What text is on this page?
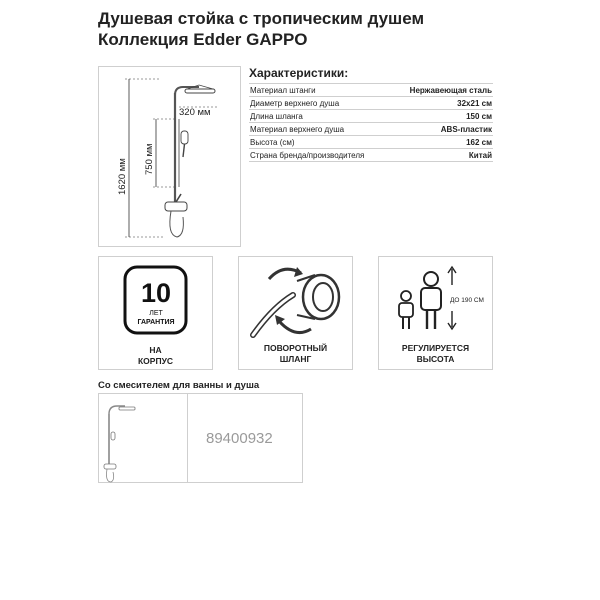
Душевая стойка с тропическим душем
Коллекция Edder GAPPO
1620 мм 750 мм
320 мм
Характеристики:
Материал штанги	Нержавеющая сталь
Диаметр верхнего душа	32x21 см
Длина шланга	150 см
Материал верхнего душа	ABS-пластик
Высота (см)	162 см
Страна бренда/производителя	Китай
10
ЛЕТ
ГАРАНТИЯ
НА
КОРПУС
ПОВОРОТНЫЙ
ШЛАНГ
ДО 190 СМ
РЕГУЛИРУЕТСЯ
ВЫСОТА
Со смесителем для ванны и душа
89400932
